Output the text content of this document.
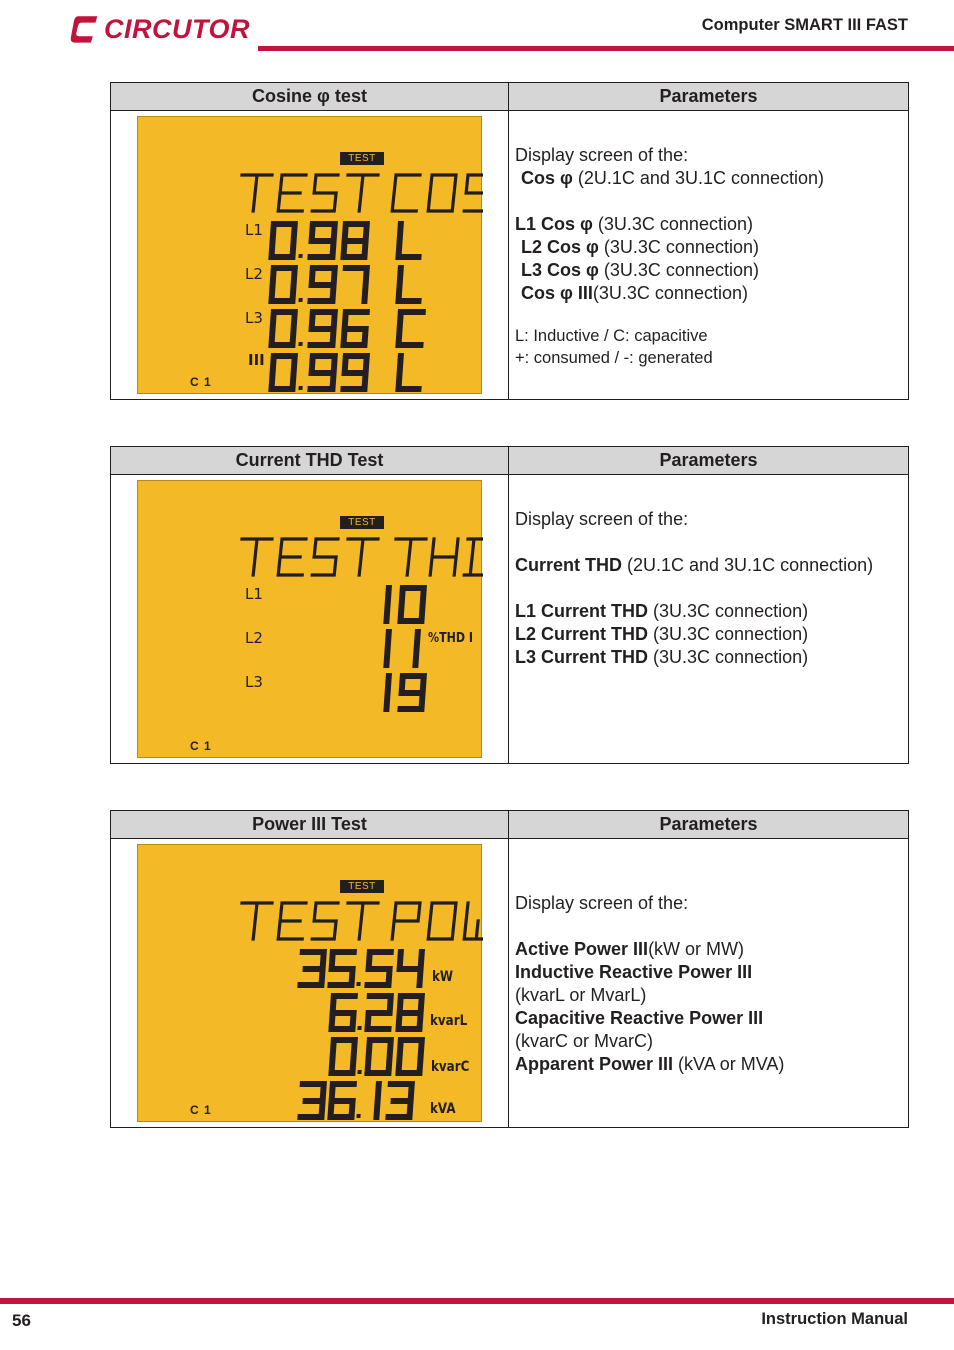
CIRCUTOR	Computer SMART III FAST
Cosine φ test	Parameters
TEST
L1
L2
L3
III
C 1
Display screen of the:
Cos φ (2U.1C and 3U.1C connection)
L1 Cos φ (3U.3C connection)
L2 Cos φ (3U.3C connection)
L3 Cos φ (3U.3C connection)
Cos φ III(3U.3C connection)
L: Inductive / C: capacitive
+: consumed / -: generated
Current THD Test	Parameters
TEST
L1
L2
L3
%THD I
C 1
Display screen of the:
Current THD (2U.1C and 3U.1C connection)
L1 Current THD (3U.3C connection)
L2 Current THD (3U.3C connection)
L3 Current THD (3U.3C connection)
Power III Test	Parameters
TEST
kW
kvarL
kvarC
kVA
C 1
Display screen of the:
Active Power III(kW or MW)
Inductive Reactive Power III
(kvarL or MvarL)
Capacitive Reactive Power III
(kvarC or MvarC)
Apparent Power III (kVA or MVA)
56	Instruction Manual
